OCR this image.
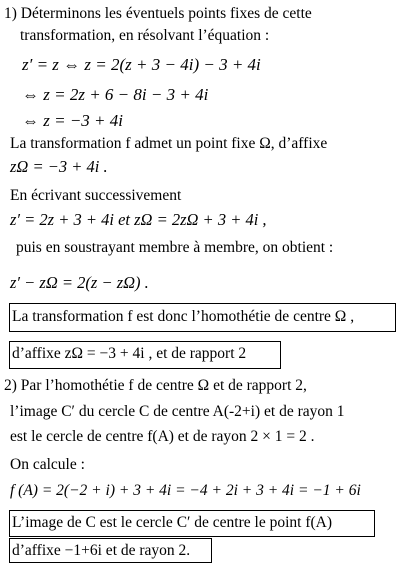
1) Déterminons les éventuels points fixes de cette
transformation, en résolvant l’équation :
z′ = z ⇔ z = 2(z + 3 − 4i) − 3 + 4i
⇔ z = 2z + 6 − 8i − 3 + 4i
⇔ z = −3 + 4i
La transformation f admet un point fixe Ω, d’affixe
zΩ = −3 + 4i .
En écrivant successivement
z′ = 2z + 3 + 4i et zΩ = 2zΩ + 3 + 4i ,
puis en soustrayant membre à membre, on obtient :
z′ − zΩ = 2(z − zΩ) .
La transformation f est donc l’homothétie de centre Ω ,
d’affixe zΩ = −3 + 4i , et de rapport 2
2) Par l’homothétie f de centre Ω et de rapport 2,
l’image C′ du cercle C de centre A(-2+i) et de rayon 1
est le cercle de centre f(A) et de rayon 2 × 1 = 2 .
On calcule :
f (A) = 2(−2 + i) + 3 + 4i = −4 + 2i + 3 + 4i = −1 + 6i
L’image de C est le cercle C′ de centre le point f(A)
d’affixe −1+6i et de rayon 2.
